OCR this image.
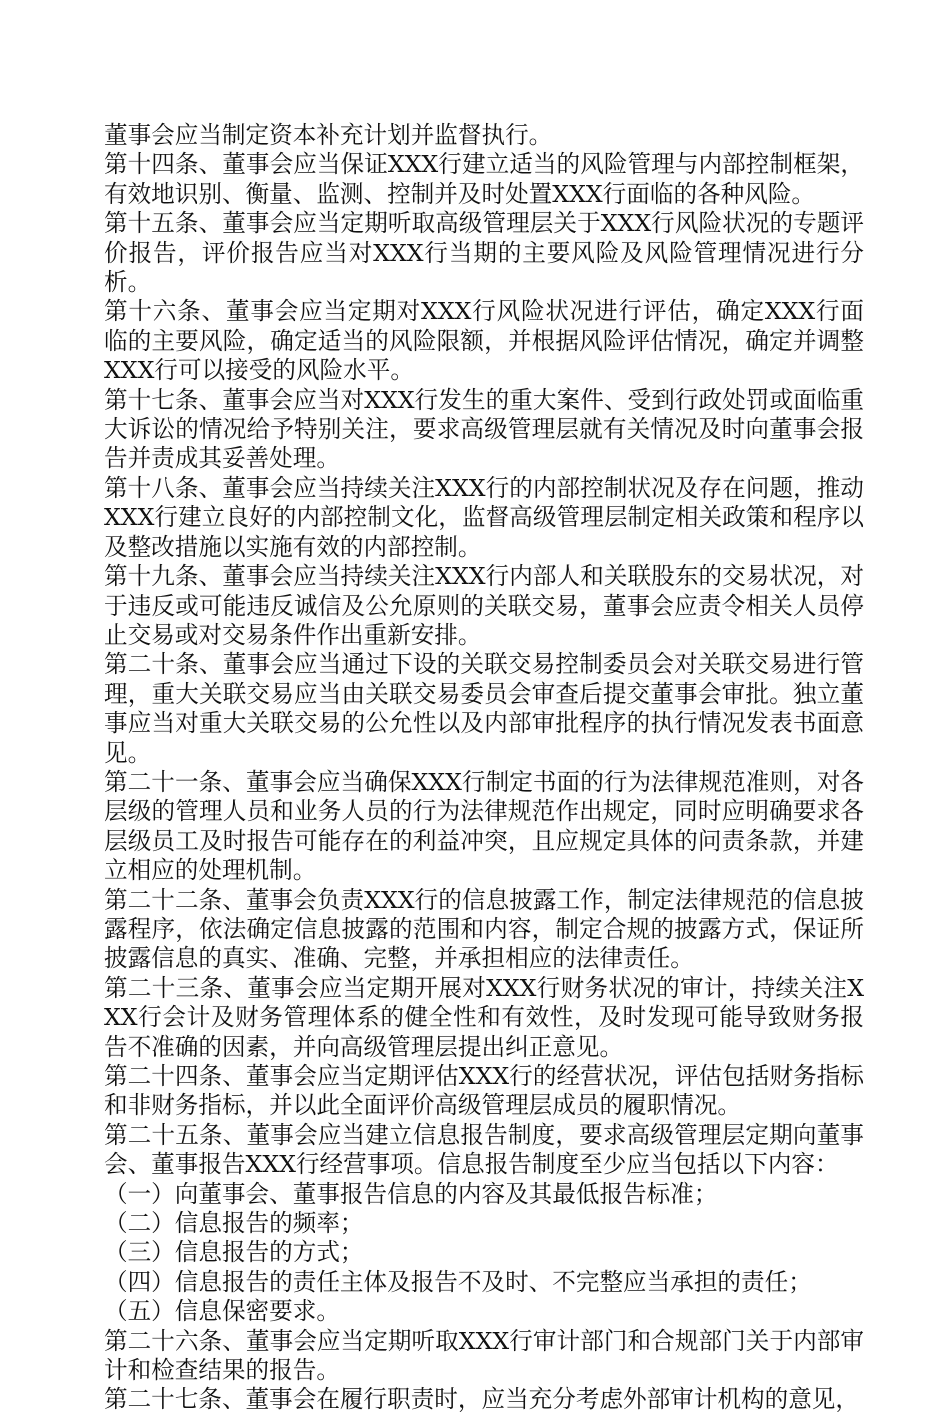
董事会应当制定资本补充计划并监督执行。

第十四条、董事会应当保证XXX行建立适当的风险管理与内部控制框架，有效地识别、衡量、监测、控制并及时处置XXX行面临的各种风险。

第十五条、董事会应当定期听取高级管理层关于XXX行风险状况的专题评价报告，评价报告应当对XXX行当期的主要风险及风险管理情况进行分析。

第十六条、董事会应当定期对XXX行风险状况进行评估，确定XXX行面临的主要风险，确定适当的风险限额，并根据风险评估情况，确定并调整XXX行可以接受的风险水平。

第十七条、董事会应当对XXX行发生的重大案件、受到行政处罚或面临重大诉讼的情况给予特别关注，要求高级管理层就有关情况及时向董事会报告并责成其妥善处理。

第十八条、董事会应当持续关注XXX行的内部控制状况及存在问题，推动XXX行建立良好的内部控制文化，监督高级管理层制定相关政策和程序以及整改措施以实施有效的内部控制。

第十九条、董事会应当持续关注XXX行内部人和关联股东的交易状况，对于违反或可能违反诚信及公允原则的关联交易，董事会应责令相关人员停止交易或对交易条件作出重新安排。

第二十条、董事会应当通过下设的关联交易控制委员会对关联交易进行管理，重大关联交易应当由关联交易委员会审查后提交董事会审批。独立董事应当对重大关联交易的公允性以及内部审批程序的执行情况发表书面意见。

第二十一条、董事会应当确保XXX行制定书面的行为法律规范准则，对各层级的管理人员和业务人员的行为法律规范作出规定，同时应明确要求各层级员工及时报告可能存在的利益冲突，且应规定具体的问责条款，并建立相应的处理机制。

第二十二条、董事会负责XXX行的信息披露工作，制定法律规范的信息披露程序，依法确定信息披露的范围和内容，制定合规的披露方式，保证所披露信息的真实、准确、完整，并承担相应的法律责任。

第二十三条、董事会应当定期开展对XXX行财务状况的审计，持续关注XXX行会计及财务管理体系的健全性和有效性，及时发现可能导致财务报告不准确的因素，并向高级管理层提出纠正意见。

第二十四条、董事会应当定期评估XXX行的经营状况，评估包括财务指标和非财务指标，并以此全面评价高级管理层成员的履职情况。

第二十五条、董事会应当建立信息报告制度，要求高级管理层定期向董事会、董事报告XXX行经营事项。信息报告制度至少应当包括以下内容：

（一）向董事会、董事报告信息的内容及其最低报告标准；

（二）信息报告的频率；

（三）信息报告的方式；

（四）信息报告的责任主体及报告不及时、不完整应当承担的责任；

（五）信息保密要求。

第二十六条、董事会应当定期听取XXX行审计部门和合规部门关于内部审计和检查结果的报告。

第二十七条、董事会在履行职责时，应当充分考虑外部审计机构的意见，
